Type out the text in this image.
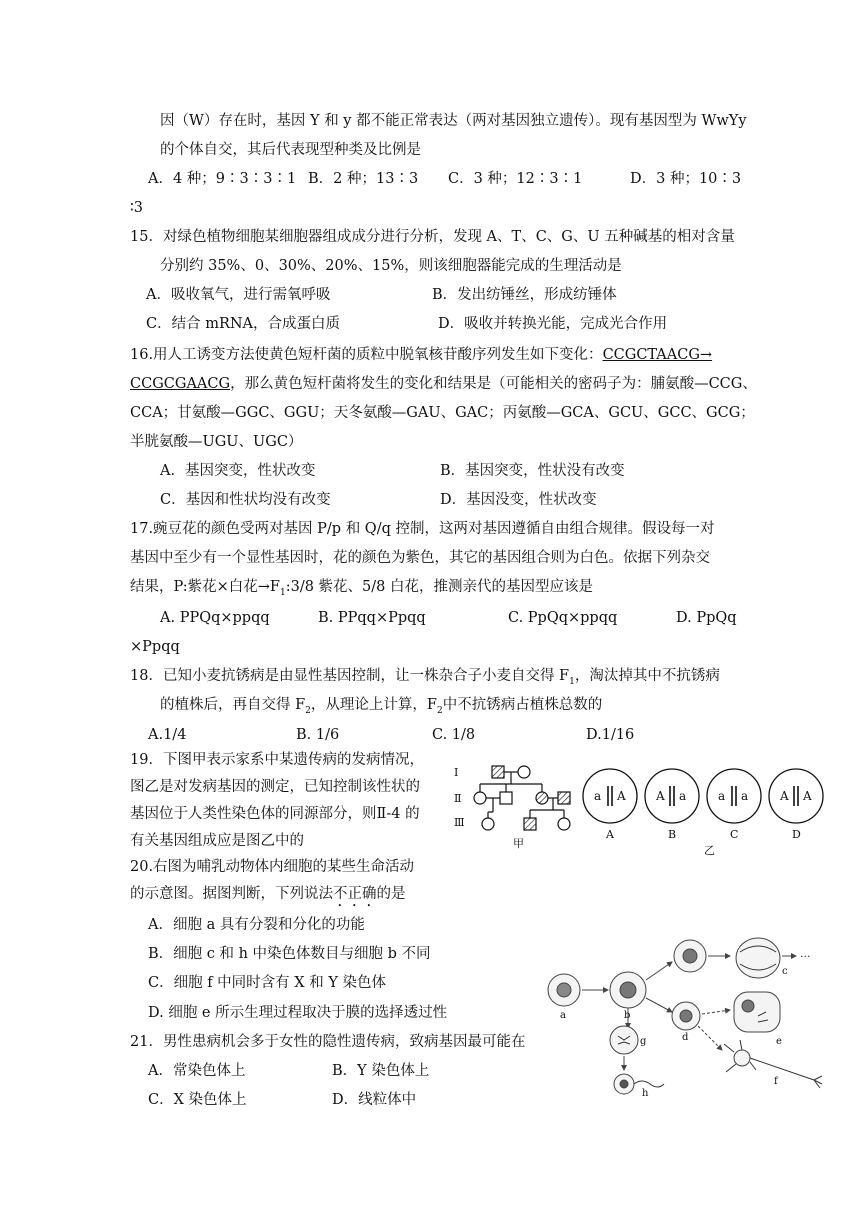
因（W）存在时，基因 Y 和 y 都不能正常表达（两对基因独立遗传）。现有基因型为 WwYy
的个体自交，其后代表现型种类及比例是
A．4 种；9∶3∶3∶1 B．2 种；13∶3 C．3 种；12∶3∶1	D．3 种；10∶3
∶3
15．对绿色植物细胞某细胞器组成成分进行分析，发现 A、T、C、G、U 五种碱基的相对含量
分别约 35%、0、30%、20%、15%，则该细胞器能完成的生理活动是
A．吸收氧气，进行需氧呼吸	B．发出纺锤丝，形成纺锤体
C．结合 mRNA，合成蛋白质	D．吸收并转换光能，完成光合作用
16.用人工诱变方法使黄色短杆菌的质粒中脱氧核苷酸序列发生如下变化：CCGCTAACG→
CCGCGAACG，那么黄色短杆菌将发生的变化和结果是（可能相关的密码子为：脯氨酸—CCG、
CCA；甘氨酸—GGC、GGU；天冬氨酸—GAU、GAC；丙氨酸—GCA、GCU、GCC、GCG；
半胱氨酸—UGU、UGC）
A．基因突变，性状改变	B．基因突变，性状没有改变
C．基因和性状均没有改变	D．基因没变，性状改变
17.豌豆花的颜色受两对基因 P/p 和 Q/q 控制，这两对基因遵循自由组合规律。假设每一对
基因中至少有一个显性基因时，花的颜色为紫色，其它的基因组合则为白色。依据下列杂交
结果，P:紫花×白花$\to F_1:3/8$ 紫花、5/8 白花，推测亲代的基因型应该是
A. PPQq×ppqq	B. PPqq×Ppqq	C. PpQq×ppqq	D. PpQq
×Ppqq
18．已知小麦抗锈病是由显性基因控制，让一株杂合子小麦自交得 $F_1$，淘汰掉其中不抗锈病
的植株后，再自交得 $F_2$，从理论上计算，$F_2$中不抗锈病占植株总数的
A.1/4	B. 1/6	C. 1/8	D.1/16
19．下图甲表示家系中某遗传病的发病情况，
图乙是对发病基因的测定，已知控制该性状的
基因位于人类性染色体的同源部分，则Ⅱ-4 的
有关基因组成应是图乙中的
Ⅰ
Ⅱ
Ⅲ
甲
a A
A
A a
B
a a
C
A A
D
乙
20.右图为哺乳动物体内细胞的某些生命活动
的示意图。据图判断，下列说法不正确的是
A．细胞 a 具有分裂和分化的功能
B．细胞 c 和 h 中染色体数目与细胞 b 不同
C．细胞 f 中同时含有 X 和 Y 染色体
D. 细胞 e 所示生理过程取决于膜的选择透过性
···
a	b
c
d	e
f
g
h
21．男性患病机会多于女性的隐性遗传病，致病基因最可能在
A．常染色体上	B．Y 染色体上
C．X 染色体上	D．线粒体中
